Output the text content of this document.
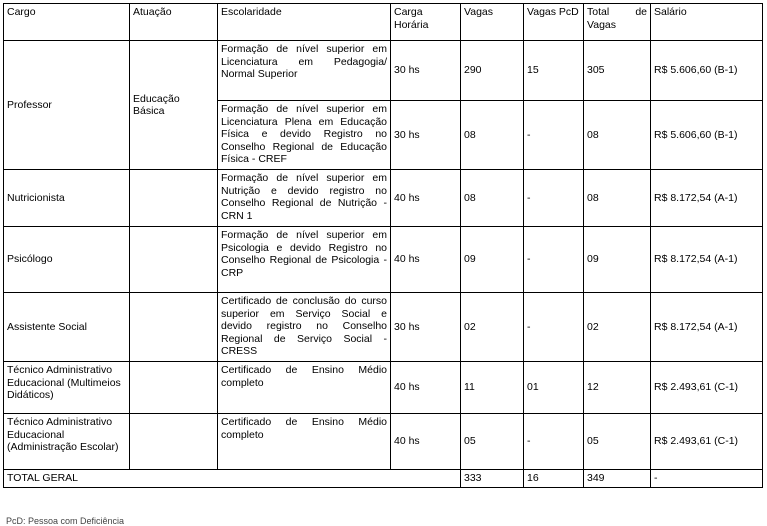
Cargo	Atuação	Escolaridade	Carga Horária	Vagas	Vagas PcD	Total de Vagas	Salário
Professor	Educação Básica	Formação de nível superior em Licenciatura em Pedagogia/ Normal Superior	30 hs	290	15	305	R$ 5.606,60 (B-1)
		Formação de nível superior em Licenciatura Plena em Educação Física e devido Registro no Conselho Regional de Educação Física - CREF	30 hs	08	-	08	R$ 5.606,60 (B-1)
Nutricionista		Formação de nível superior em Nutrição e devido registro no Conselho Regional de Nutrição - CRN 1	40 hs	08	-	08	R$ 8.172,54 (A-1)
Psicólogo		Formação de nível superior em Psicologia e devido Registro no Conselho Regional de Psicologia - CRP	40 hs	09	-	09	R$ 8.172,54 (A-1)
Assistente Social		Certificado de conclusão do curso superior em Serviço Social e devido registro no Conselho Regional de Serviço Social - CRESS	30 hs	02	-	02	R$ 8.172,54 (A-1)
Técnico Administrativo Educacional (Multimeios Didáticos)		Certificado de Ensino Médio completo	40 hs	11	01	12	R$ 2.493,61 (C-1)
Técnico Administrativo Educacional (Administração Escolar)		Certificado de Ensino Médio completo	40 hs	05	-	05	R$ 2.493,61 (C-1)
TOTAL GERAL				333	16	349	-
PcD: Pessoa com Deficiência
